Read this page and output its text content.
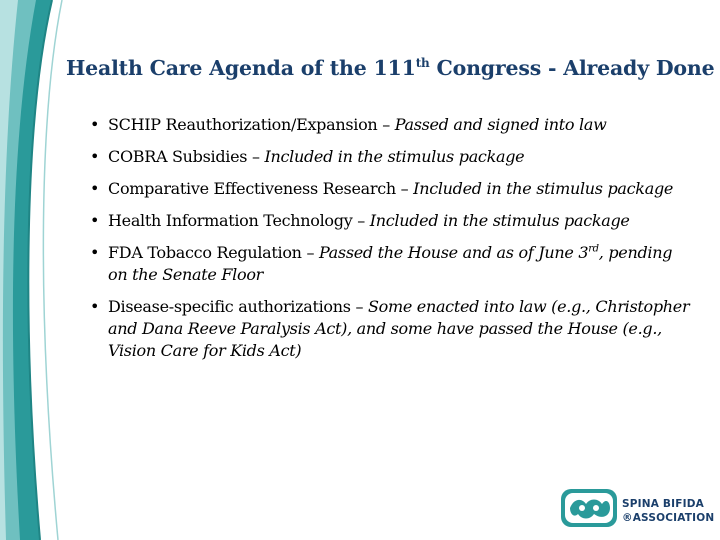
Health Care Agenda of the 111th Congress - Already Done
• SCHIP Reauthorization/Expansion – Passed and signed into law
• COBRA Subsidies – Included in the stimulus package
• Comparative Effectiveness Research – Included in the stimulus package
• Health Information Technology – Included in the stimulus package
• FDA Tobacco Regulation – Passed the House and as of June 3rd, pending on the Senate Floor
• Disease-specific authorizations – Some enacted into law (e.g., Christopher and Dana Reeve Paralysis Act), and some have passed the House (e.g., Vision Care for Kids Act)
SPINA BIFIDA
®ASSOCIATION
